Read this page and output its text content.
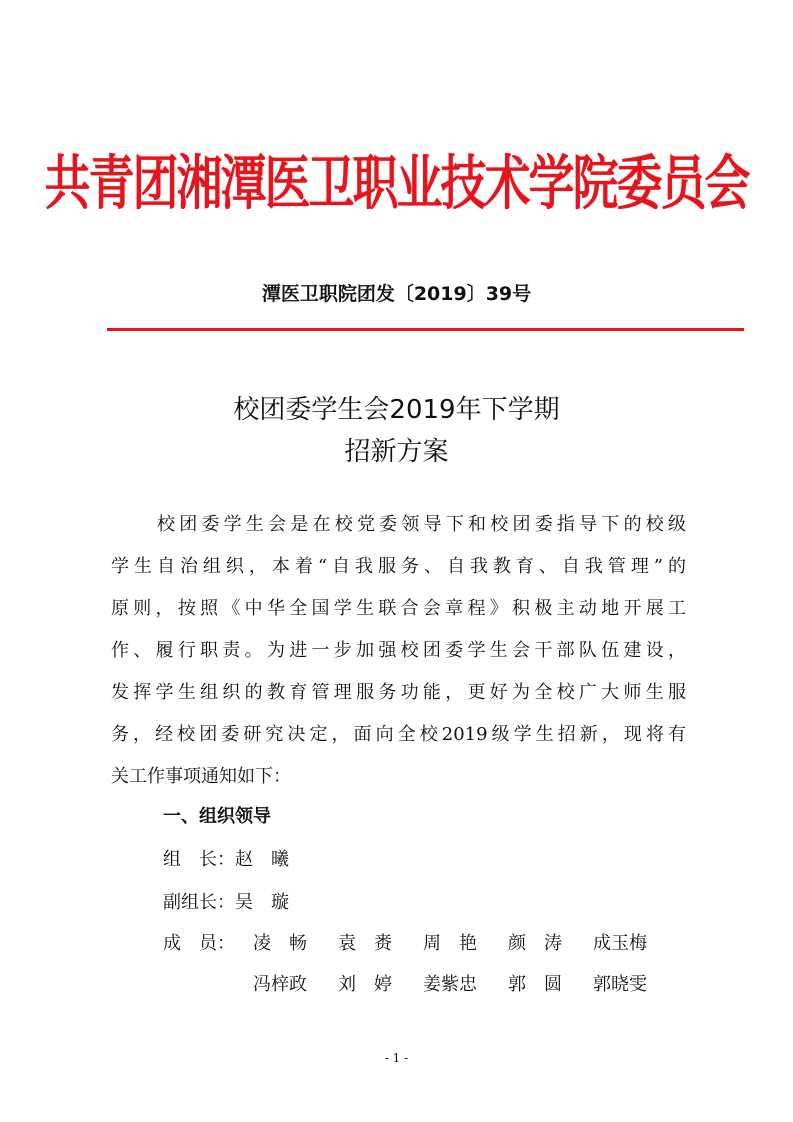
共青团湘潭医卫职业技术学院委员会
潭医卫职院团发〔2019〕39号
校团委学生会2019年下学期
招新方案
校团委学生会是在校党委领导下和校团委指导下的校级
学生自治组织，本着“自我服务、自我教育、自我管理”的
原则，按照《中华全国学生联合会章程》积极主动地开展工
作、履行职责。为进一步加强校团委学生会干部队伍建设，
发挥学生组织的教育管理服务功能，更好为全校广大师生服
务，经校团委研究决定，面向全校2019级学生招新，现将有
关工作事项通知如下：
一、组织领导
组　长：赵　曦
副组长：吴　璇
成　员： 凌　畅 袁　赉 周　艳 颜　涛 成玉梅
冯梓政 刘　婷 姜紫忠 郭　圆 郭晓雯
- 1 -
